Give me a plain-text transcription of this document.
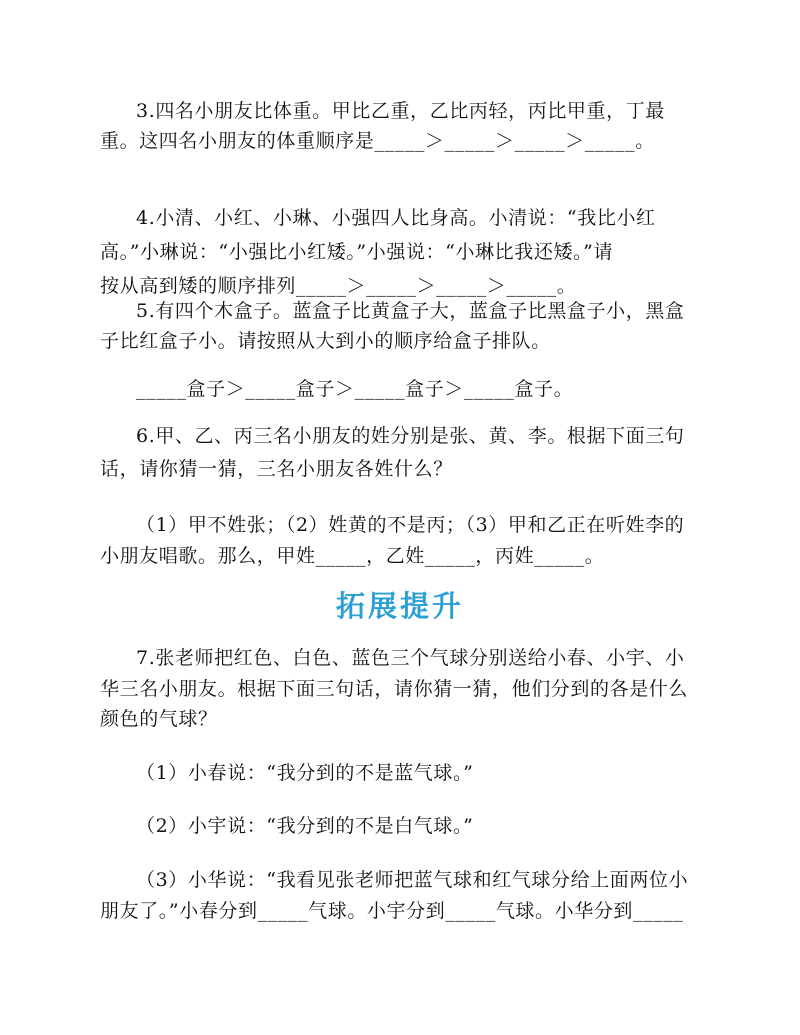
3.四名小朋友比体重。甲比乙重，乙比丙轻，丙比甲重，丁最
重。这四名小朋友的体重顺序是_____＞_____＞_____＞_____。
4.小清、小红、小琳、小强四人比身高。小清说：“我比小红
高。”小琳说：“小强比小红矮。”小强说：“小琳比我还矮。”请
按从高到矮的顺序排列_____＞_____＞_____＞_____。
5.有四个木盒子。蓝盒子比黄盒子大，蓝盒子比黑盒子小，黑盒
子比红盒子小。请按照从大到小的顺序给盒子排队。
_____盒子＞_____盒子＞_____盒子＞_____盒子。
6.甲、乙、丙三名小朋友的姓分别是张、黄、李。根据下面三句
话，请你猜一猜，三名小朋友各姓什么？
（1）甲不姓张；（2）姓黄的不是丙；（3）甲和乙正在听姓李的
小朋友唱歌。那么，甲姓_____，乙姓_____，丙姓_____。
拓展提升
7.张老师把红色、白色、蓝色三个气球分别送给小春、小宇、小
华三名小朋友。根据下面三句话，请你猜一猜，他们分到的各是什么
颜色的气球？
（1）小春说：“我分到的不是蓝气球。”
（2）小宇说：“我分到的不是白气球。”
（3）小华说：“我看见张老师把蓝气球和红气球分给上面两位小
朋友了。”小春分到_____气球。小宇分到_____气球。小华分到_____
